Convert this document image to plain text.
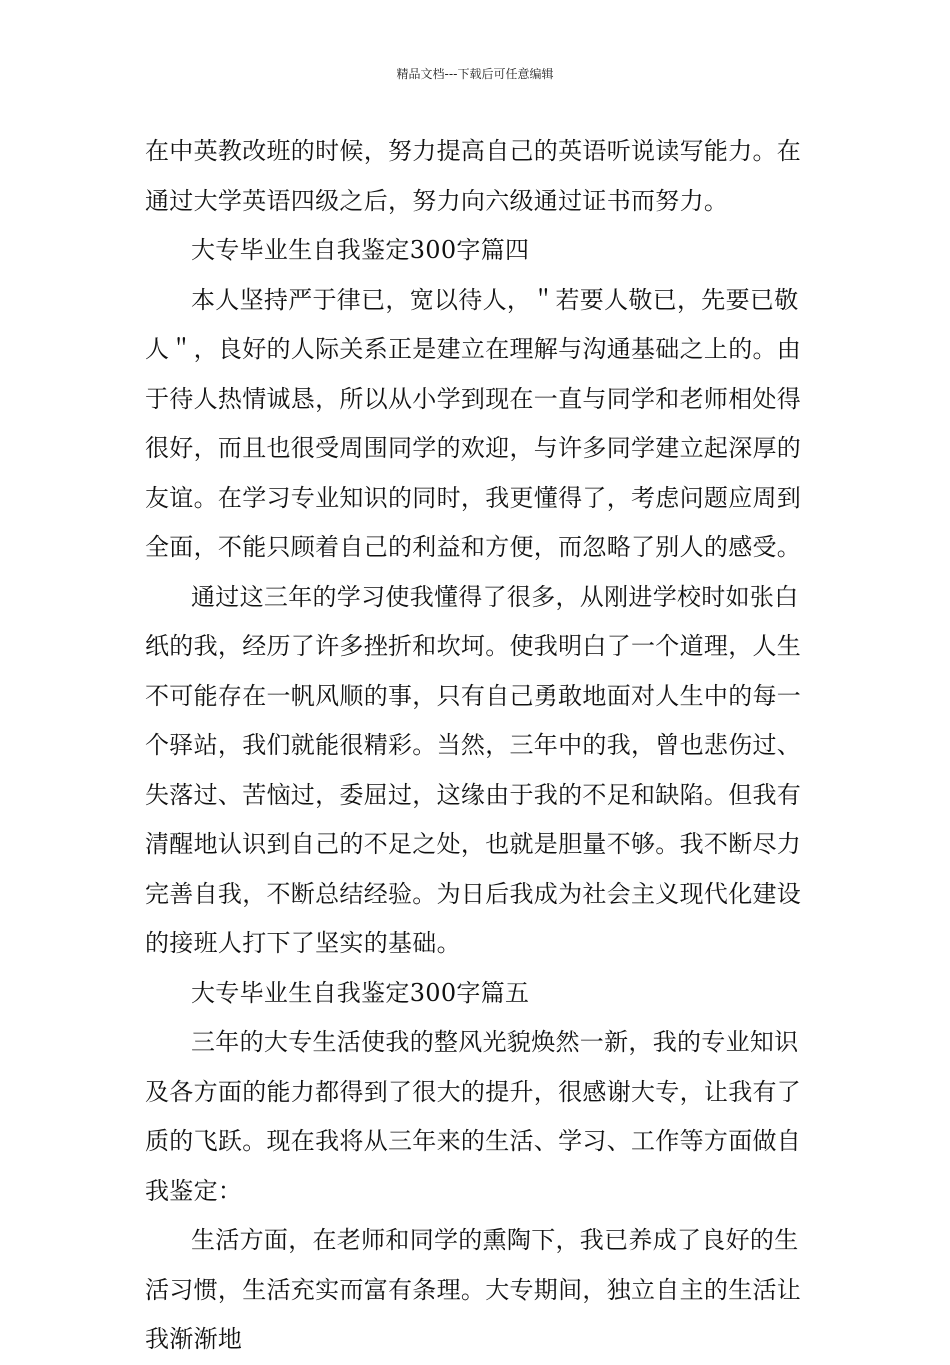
精品文档---下载后可任意编辑

在中英教改班的时候，努力提高自己的英语听说读写能力。在通过大学英语四级之后，努力向六级通过证书而努力。

大专毕业生自我鉴定300字篇四

本人坚持严于律已，宽以待人，＂若要人敬已，先要已敬人＂，良好的人际关系正是建立在理解与沟通基础之上的。由于待人热情诚恳，所以从小学到现在一直与同学和老师相处得很好，而且也很受周围同学的欢迎，与许多同学建立起深厚的友谊。在学习专业知识的同时，我更懂得了，考虑问题应周到全面，不能只顾着自己的利益和方便，而忽略了别人的感受。

通过这三年的学习使我懂得了很多，从刚进学校时如张白纸的我，经历了许多挫折和坎坷。使我明白了一个道理，人生不可能存在一帆风顺的事，只有自己勇敢地面对人生中的每一个驿站，我们就能很精彩。当然，三年中的我，曾也悲伤过、失落过、苦恼过，委屈过，这缘由于我的不足和缺陷。但我有清醒地认识到自己的不足之处，也就是胆量不够。我不断尽力完善自我，不断总结经验。为日后我成为社会主义现代化建设的接班人打下了坚实的基础。

大专毕业生自我鉴定300字篇五

三年的大专生活使我的整风光貌焕然一新，我的专业知识及各方面的能力都得到了很大的提升，很感谢大专，让我有了质的飞跃。现在我将从三年来的生活、学习、工作等方面做自我鉴定：

生活方面，在老师和同学的熏陶下，我已养成了良好的生活习惯，生活充实而富有条理。大专期间，独立自主的生活让我渐渐地
